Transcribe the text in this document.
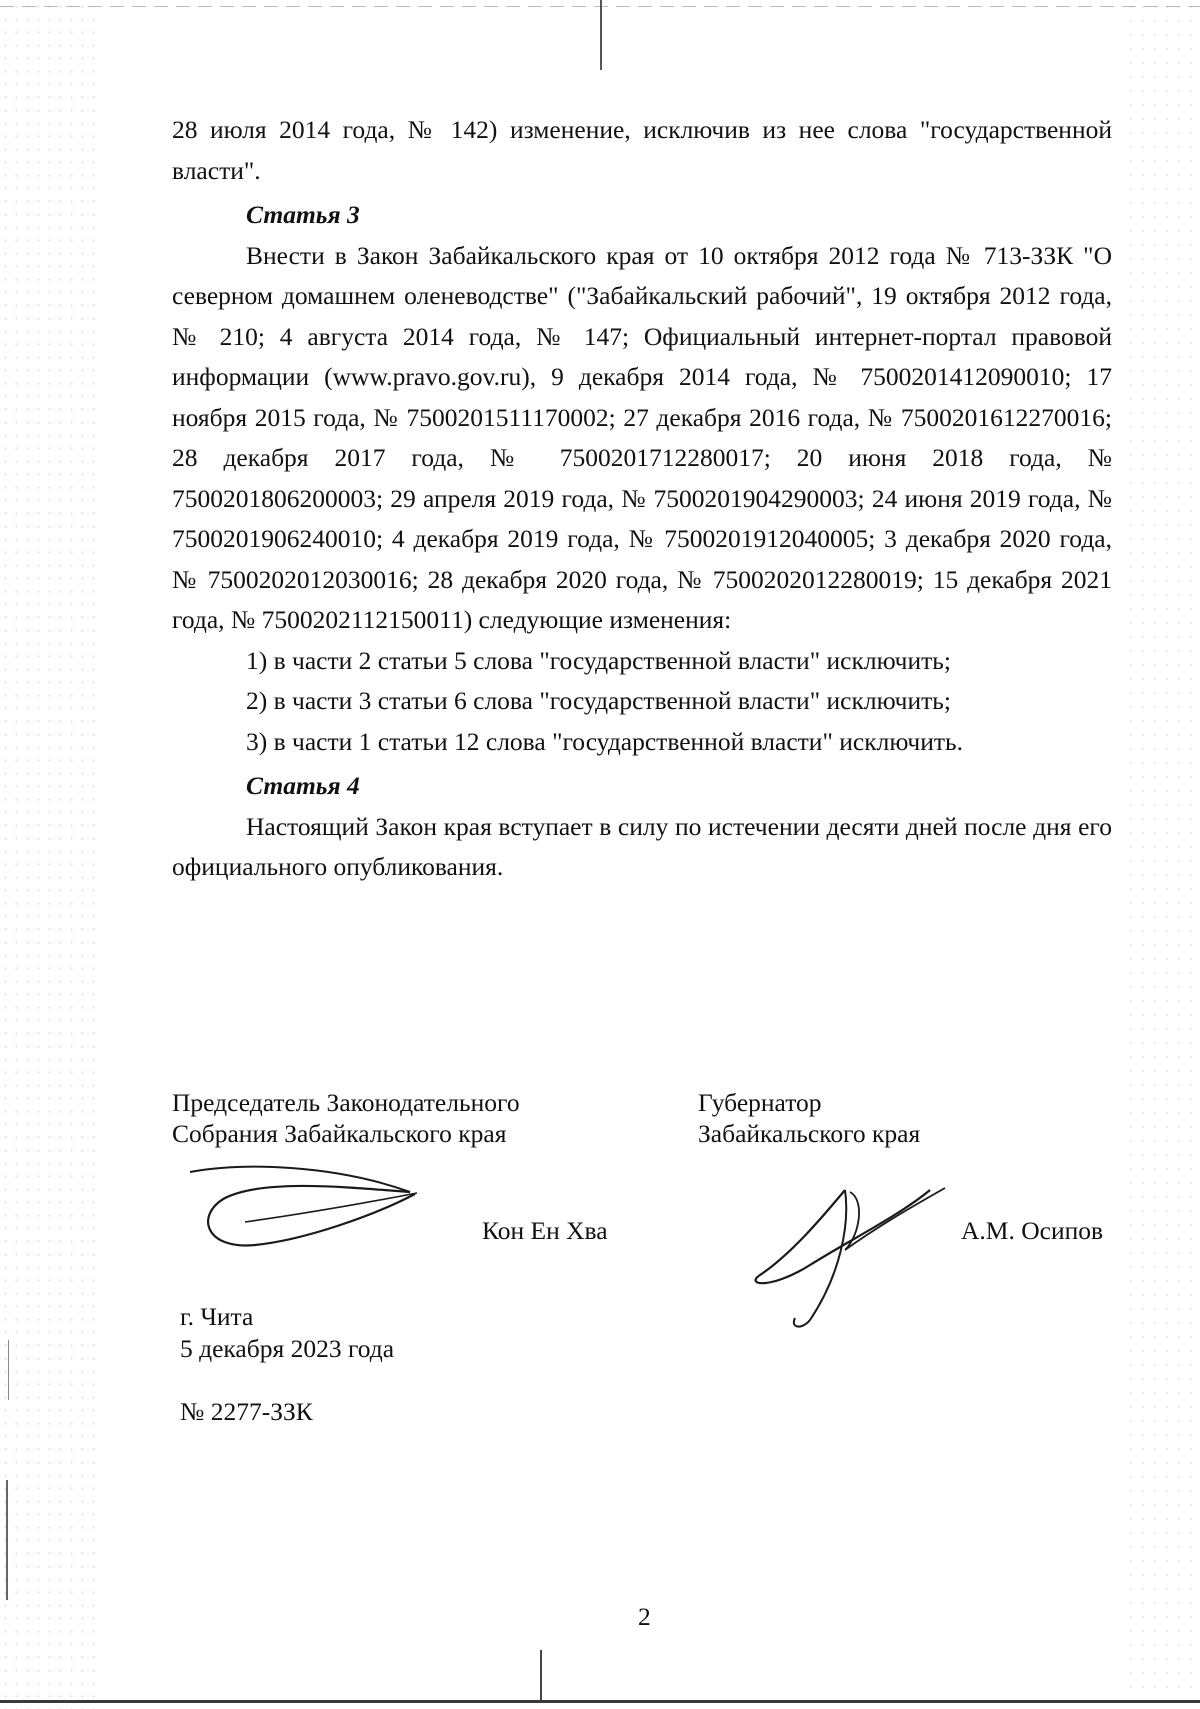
28 июля 2014 года, № 142) изменение, исключив из нее слова "государственной власти".

Статья 3

Внести в Закон Забайкальского края от 10 октября 2012 года № 713-ЗЗК "О северном домашнем оленеводстве" ("Забайкальский рабочий", 19 октября 2012 года, № 210; 4 августа 2014 года, № 147; Официальный интернет-портал правовой информации (www.pravo.gov.ru), 9 декабря 2014 года, № 7500201412090010; 17 ноября 2015 года, № 7500201511170002; 27 декабря 2016 года, № 7500201612270016; 28 декабря 2017 года, № 7500201712280017; 20 июня 2018 года, № 7500201806200003; 29 апреля 2019 года, № 7500201904290003; 24 июня 2019 года, № 7500201906240010; 4 декабря 2019 года, № 7500201912040005; 3 декабря 2020 года, № 7500202012030016; 28 декабря 2020 года, № 7500202012280019; 15 декабря 2021 года, № 7500202112150011) следующие изменения:

1) в части 2 статьи 5 слова "государственной власти" исключить;

2) в части 3 статьи 6 слова "государственной власти" исключить;

3) в части 1 статьи 12 слова "государственной власти" исключить.

Статья 4

Настоящий Закон края вступает в силу по истечении десяти дней после дня его официального опубликования.

Председатель Законодательного
Собрания Забайкальского края
Губернатор
Забайкальского края
Кон Ен Хва	А.М. Осипов
г. Чита
5 декабря 2023 года
№ 2277-ЗЗК
2
